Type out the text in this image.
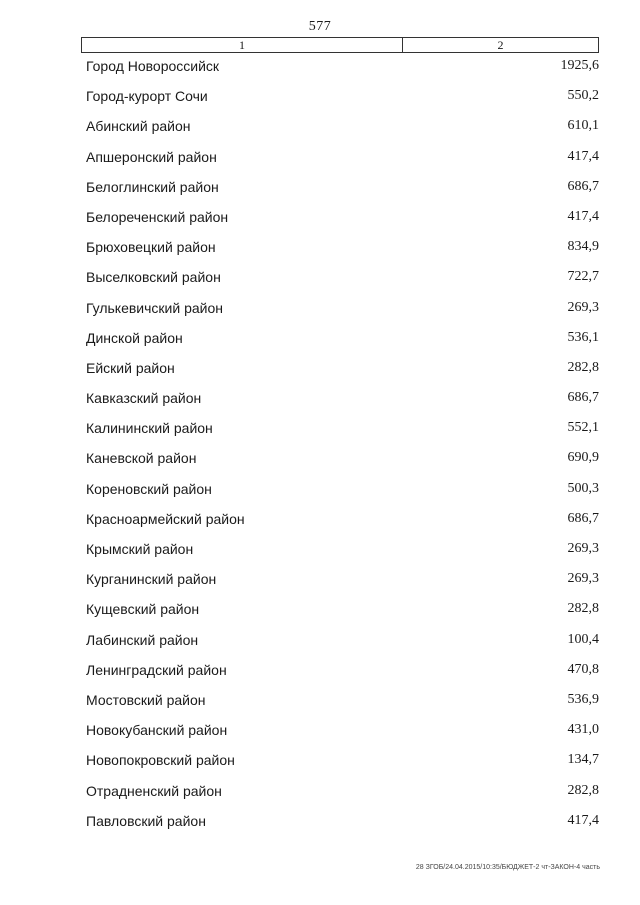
577
1	2
Город Новороссийск	1925,6
Город-курорт Сочи	550,2
Абинский район	610,1
Апшеронский район	417,4
Белоглинский район	686,7
Белореченский район	417,4
Брюховецкий район	834,9
Выселковский район	722,7
Гулькевичский район	269,3
Динской район	536,1
Ейский район	282,8
Кавказский район	686,7
Калининский район	552,1
Каневской район	690,9
Кореновский район	500,3
Красноармейский район	686,7
Крымский район	269,3
Курганинский район	269,3
Кущевский район	282,8
Лабинский район	100,4
Ленинградский район	470,8
Мостовский район	536,9
Новокубанский район	431,0
Новопокровский район	134,7
Отрадненский район	282,8
Павловский район	417,4
28 ЗГОБ/24.04.2015/10:35/БЮДЖЕТ-2 чт-ЗАКОН-4 часть
